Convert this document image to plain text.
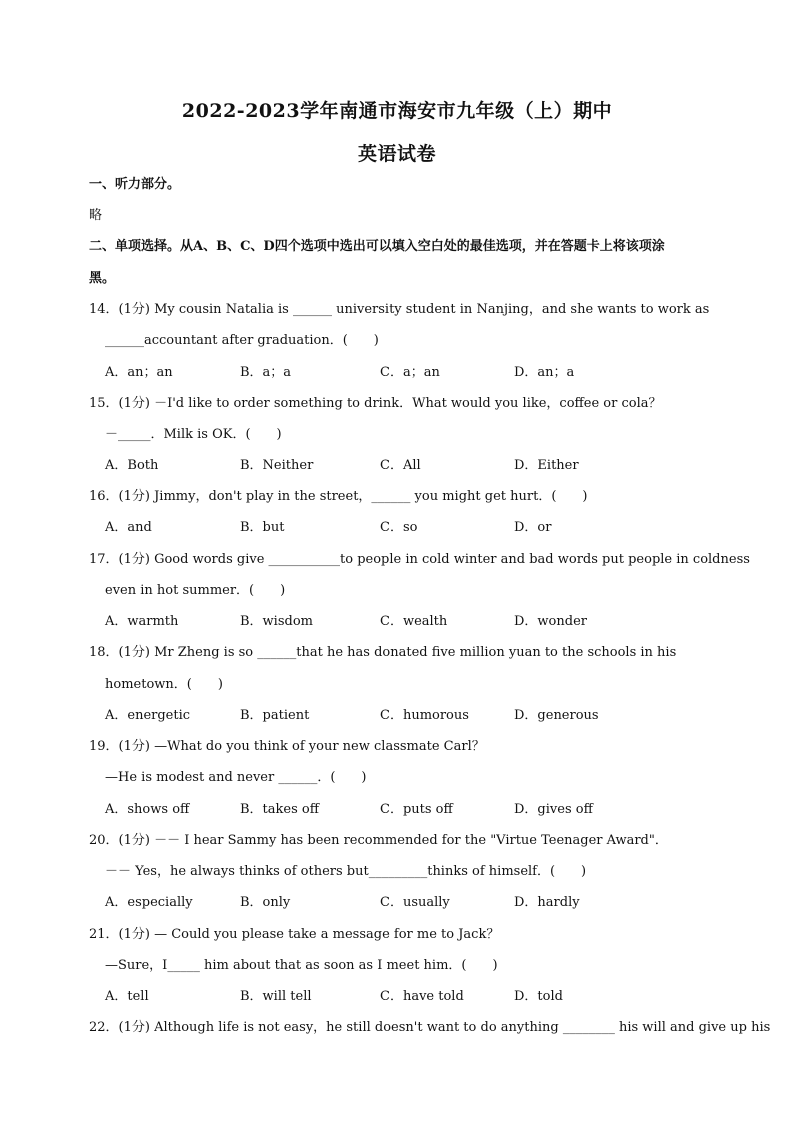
2022-2023学年南通市海安市九年级（上）期中
英语试卷
一、听力部分。
略
二、单项选择。从A、B、C、D四个选项中选出可以填入空白处的最佳选项，并在答题卡上将该项涂
黑。
14．(1分) My cousin Natalia is ______ university student in Nanjing，and she wants to work as
______accountant after graduation．(　　)
A．an；an	B．a；a	C．a；an	D．an；a
15．(1分) －I'd like to order something to drink．What would you like，coffee or cola？
－_____．Milk is OK．(　　)
A．Both	B．Neither	C．All	D．Either
16．(1分) Jimmy，don't play in the street，______ you might get hurt．(　　)
A．and	B．but	C．so	D．or
17．(1分) Good words give ___________to people in cold winter and bad words put people in coldness
even in hot summer．(　　)
A．warmth	B．wisdom	C．wealth	D．wonder
18．(1分) Mr Zheng is so ______that he has donated five million yuan to the schools in his
hometown．(　　)
A．energetic	B．patient	C．humorous	D．generous
19．(1分) —What do you think of your new classmate Carl？
—He is modest and never ______．(　　)
A．shows off	B．takes off	C．puts off	D．gives off
20．(1分) －－ I hear Sammy has been recommended for the "Virtue Teenager Award"．
－－ Yes，he always thinks of others but_________thinks of himself．(　　)
A．especially	B．only	C．usually	D．hardly
21．(1分) — Could you please take a message for me to Jack？
—Sure，I_____ him about that as soon as I meet him．(　　)
A．tell	B．will tell	C．have told	D．told
22．(1分) Although life is not easy，he still doesn't want to do anything ________ his will and give up his
